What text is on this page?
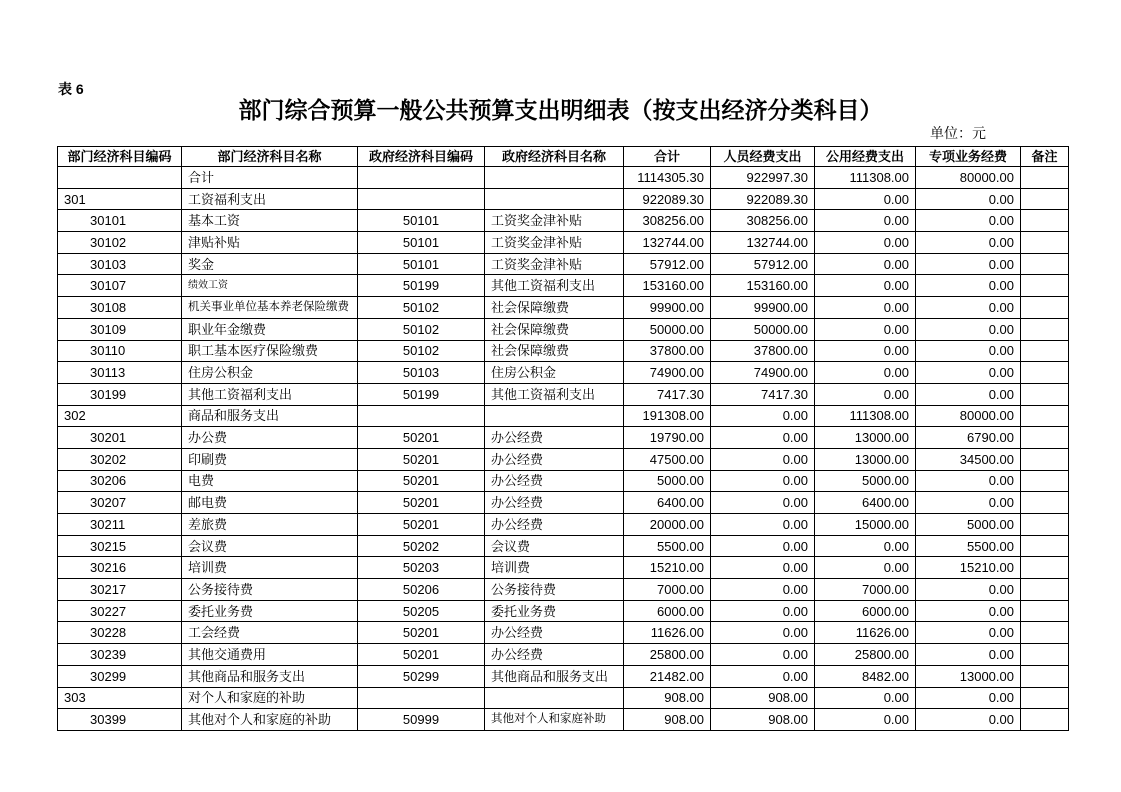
表 6
部门综合预算一般公共预算支出明细表（按支出经济分类科目）
单位：元
部门经济科目编码	部门经济科目名称	政府经济科目编码	政府经济科目名称	合计	人员经费支出	公用经费支出	专项业务经费	备注
	合计			1114305.30	922997.30	111308.00	80000.00	
301	工资福利支出			922089.30	922089.30	0.00	0.00	
30101	基本工资	50101	工资奖金津补贴	308256.00	308256.00	0.00	0.00	
30102	津贴补贴	50101	工资奖金津补贴	132744.00	132744.00	0.00	0.00	
30103	奖金	50101	工资奖金津补贴	57912.00	57912.00	0.00	0.00	
30107	绩效工资	50199	其他工资福利支出	153160.00	153160.00	0.00	0.00	
30108	机关事业单位基本养老保险缴费	50102	社会保障缴费	99900.00	99900.00	0.00	0.00	
30109	职业年金缴费	50102	社会保障缴费	50000.00	50000.00	0.00	0.00	
30110	职工基本医疗保险缴费	50102	社会保障缴费	37800.00	37800.00	0.00	0.00	
30113	住房公积金	50103	住房公积金	74900.00	74900.00	0.00	0.00	
30199	其他工资福利支出	50199	其他工资福利支出	7417.30	7417.30	0.00	0.00	
302	商品和服务支出			191308.00	0.00	111308.00	80000.00	
30201	办公费	50201	办公经费	19790.00	0.00	13000.00	6790.00	
30202	印刷费	50201	办公经费	47500.00	0.00	13000.00	34500.00	
30206	电费	50201	办公经费	5000.00	0.00	5000.00	0.00	
30207	邮电费	50201	办公经费	6400.00	0.00	6400.00	0.00	
30211	差旅费	50201	办公经费	20000.00	0.00	15000.00	5000.00	
30215	会议费	50202	会议费	5500.00	0.00	0.00	5500.00	
30216	培训费	50203	培训费	15210.00	0.00	0.00	15210.00	
30217	公务接待费	50206	公务接待费	7000.00	0.00	7000.00	0.00	
30227	委托业务费	50205	委托业务费	6000.00	0.00	6000.00	0.00	
30228	工会经费	50201	办公经费	11626.00	0.00	11626.00	0.00	
30239	其他交通费用	50201	办公经费	25800.00	0.00	25800.00	0.00	
30299	其他商品和服务支出	50299	其他商品和服务支出	21482.00	0.00	8482.00	13000.00	
303	对个人和家庭的补助			908.00	908.00	0.00	0.00	
30399	其他对个人和家庭的补助	50999	其他对个人和家庭补助	908.00	908.00	0.00	0.00	
